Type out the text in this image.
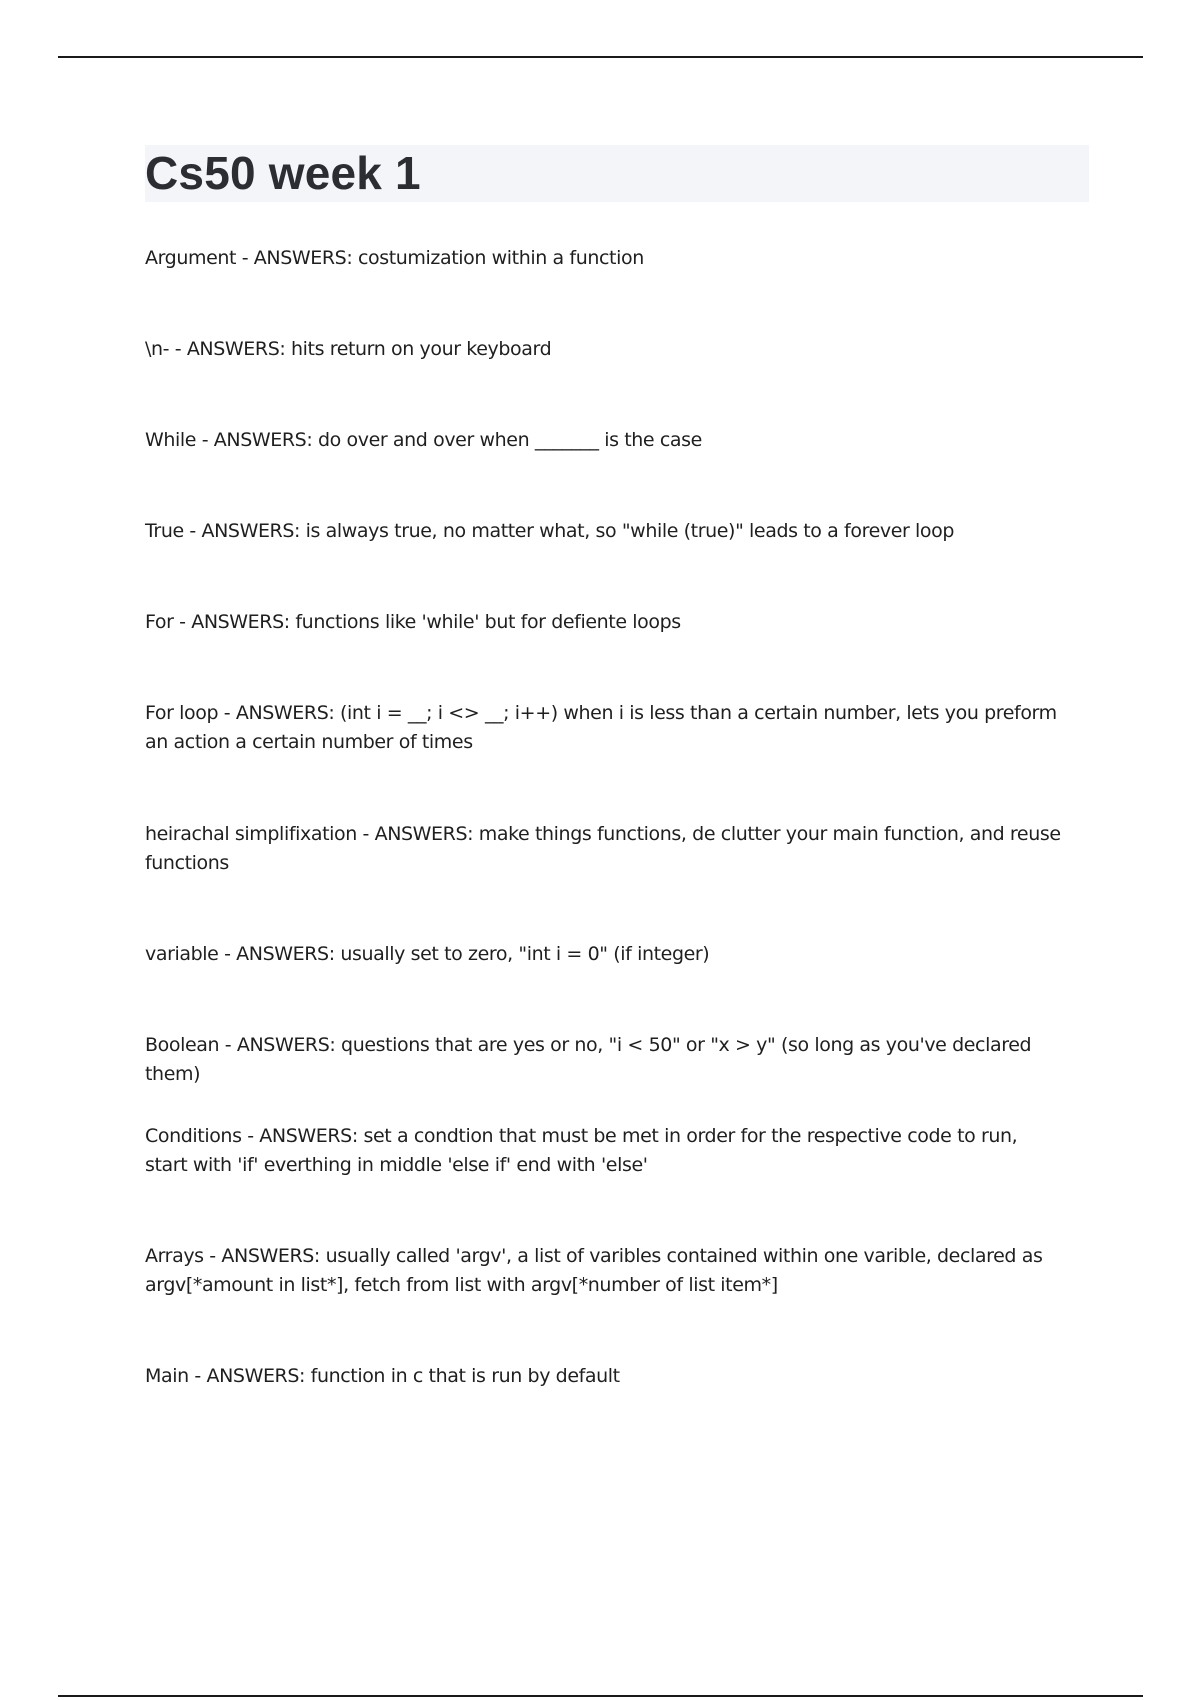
Cs50 week 1

Argument - ANSWERS: costumization within a function

\n- - ANSWERS: hits return on your keyboard

While - ANSWERS: do over and over when _______ is the case

True - ANSWERS: is always true, no matter what, so "while (true)" leads to a forever loop

For - ANSWERS: functions like 'while' but for defiente loops

For loop - ANSWERS: (int i = __; i <> __; i++) when i is less than a certain number, lets you preform an action a certain number of times

heirachal simplifixation - ANSWERS: make things functions, de clutter your main function, and reuse functions

variable - ANSWERS: usually set to zero, "int i = 0" (if integer)

Boolean - ANSWERS: questions that are yes or no, "i < 50" or "x > y" (so long as you've declared them)

Conditions - ANSWERS: set a condtion that must be met in order for the respective code to run, start with 'if' everthing in middle 'else if' end with 'else'

Arrays - ANSWERS: usually called 'argv', a list of varibles contained within one varible, declared as argv[*amount in list*], fetch from list with argv[*number of list item*]

Main - ANSWERS: function in c that is run by default
